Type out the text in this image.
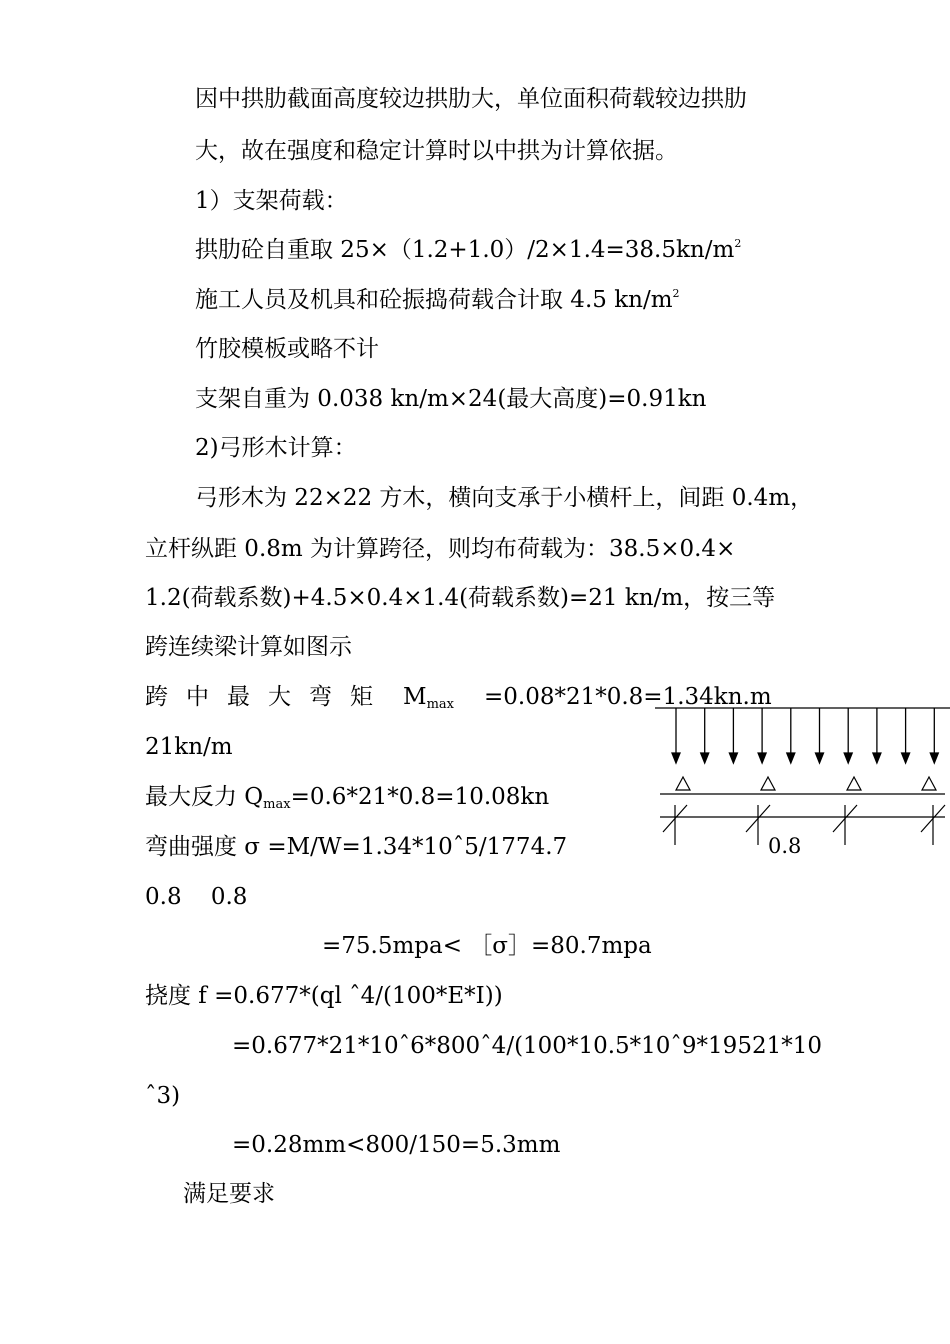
因中拱肋截面高度较边拱肋大，单位面积荷载较边拱肋
大，故在强度和稳定计算时以中拱为计算依据。
1）支架荷载：
拱肋砼自重取 $25\times(1.2+1.0)/2\times 1.4=38.5kn/m^2$
施工人员及机具和砼振捣荷载合计取 4.5 $kn/m^2$
竹胶模板或略不计
支架自重为 0.038 kn/m×24(最大高度)=0.91kn
2)弓形木计算：
弓形木为 22×22 方木，横向支承于小横杆上，间距 0.4m，
立杆纵距 0.8m 为计算跨径，则均布荷载为：38.5×0.4×
1.2(荷载系数)+4.5×0.4×1.4(荷载系数)=21 kn/m，按三等
跨连续梁计算如图示
跨 中 最 大 弯 矩 $M_{max} =0.08*21*0.8=1.34kn.m$
21kn/m
最大反力 $Q_{max}=0.6*21*0.8=10.08kn$
弯曲强度 σ =M/W=1.34*10ˆ5/1774.7
0.8    0.8
=75.5mpa< ［σ］=80.7mpa
挠度 f =0.677*(ql ˆ4/(100*E*I))
=0.677*21*10ˆ6*800ˆ4/(100*10.5*10ˆ9*19521*10
ˆ3)
=0.28mm<800/150=5.3mm
满足要求
0.8
